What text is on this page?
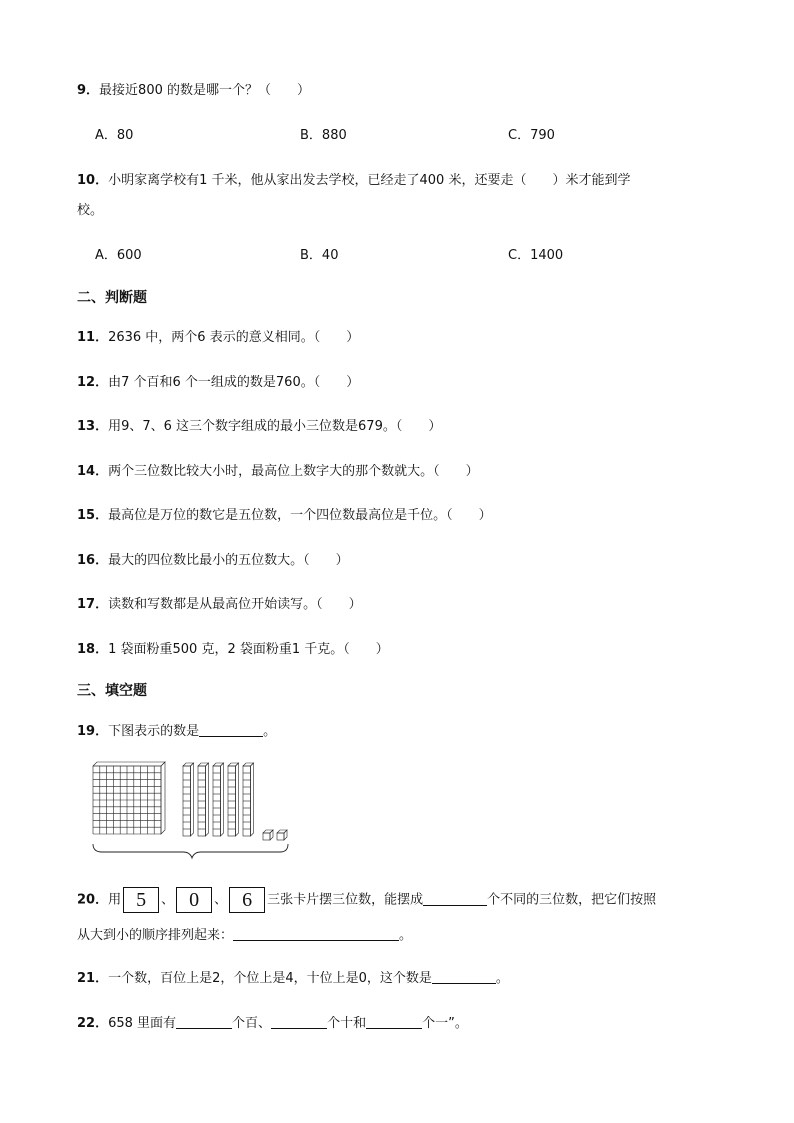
9．最接近800 的数是哪一个？（　　）
A．80	B．880	C．790
10．小明家离学校有1 千米，他从家出发去学校，已经走了400 米，还要走（　　）米才能到学
校。
A．600	B．40	C．1400
二、判断题
11．2636 中，两个6 表示的意义相同。（　　）
12．由7 个百和6 个一组成的数是760。（　　）
13．用9、7、6 这三个数字组成的最小三位数是679。（　　）
14．两个三位数比较大小时，最高位上数字大的那个数就大。（　　）
15．最高位是万位的数它是五位数，一个四位数最高位是千位。（　　）
16．最大的四位数比最小的五位数大。（　　）
17．读数和写数都是从最高位开始读写。（　　）
18．1 袋面粉重500 克，2 袋面粉重1 千克。（　　）
三、填空题
19．下图表示的数是	。
20．用 5 、 0 、 6 三张卡片摆三位数，能摆成	个不同的三位数，把它们按照
从大到小的顺序排列起来：	。
21．一个数，百位上是2，个位上是4，十位上是0，这个数是	。
22．658 里面有	个百、	个十和	个一”。
